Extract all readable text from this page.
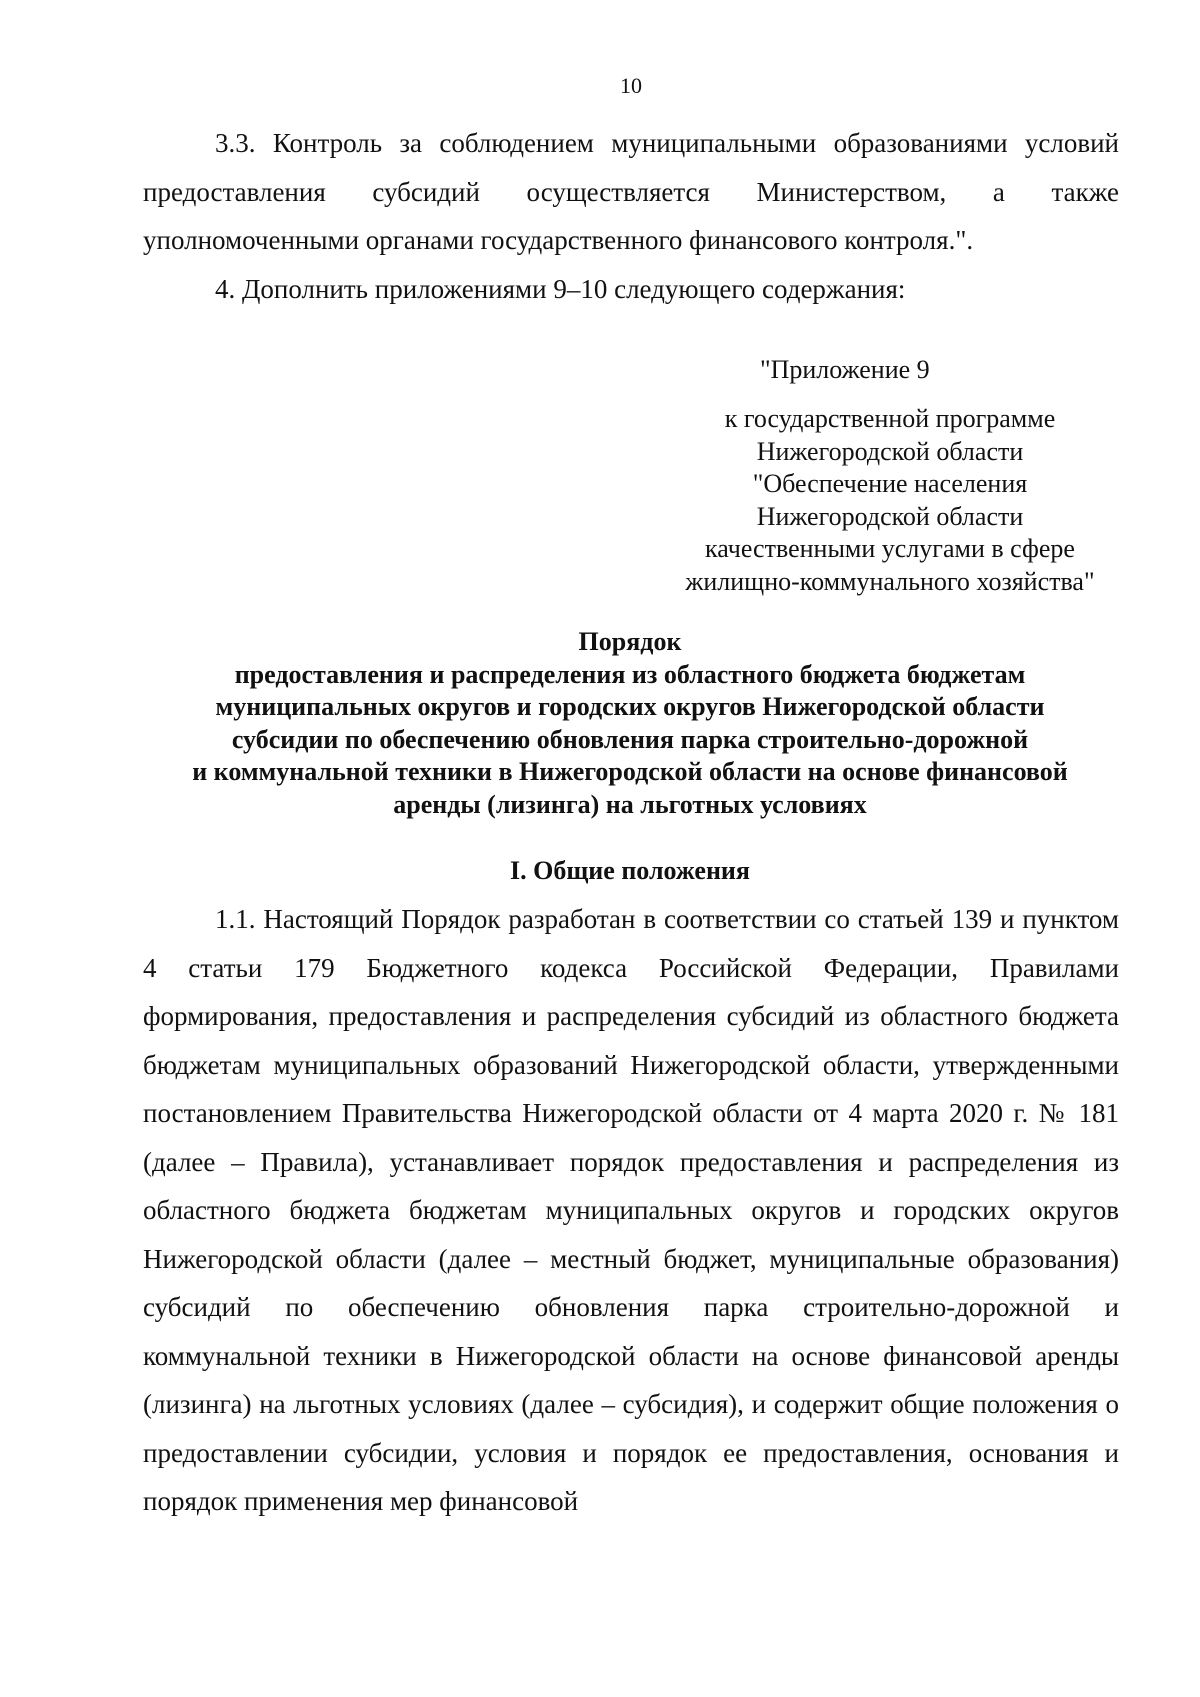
10

3.3. Контроль за соблюдением муниципальными образованиями условий предоставления субсидий осуществляется Министерством, а также уполномоченными органами государственного финансового контроля.".

4. Дополнить приложениями 9–10 следующего содержания:

"Приложение 9
к государственной программе
Нижегородской области
"Обеспечение населения
Нижегородской области
качественными услугами в сфере
жилищно-коммунального хозяйства"
Порядок
предоставления и распределения из областного бюджета бюджетам
муниципальных округов и городских округов Нижегородской области
субсидии по обеспечению обновления парка строительно-дорожной
и коммунальной техники в Нижегородской области на основе финансовой
аренды (лизинга) на льготных условиях
I. Общие положения

1.1. Настоящий Порядок разработан в соответствии со статьей 139 и пунктом 4 статьи 179 Бюджетного кодекса Российской Федерации, Правилами формирования, предоставления и распределения субсидий из областного бюджета бюджетам муниципальных образований Нижегородской области, утвержденными постановлением Правительства Нижегородской области от 4 марта 2020 г. № 181 (далее – Правила), устанавливает порядок предоставления и распределения из областного бюджета бюджетам муниципальных округов и городских округов Нижегородской области (далее – местный бюджет, муниципальные образования) субсидий по обеспечению обновления парка строительно-дорожной и коммунальной техники в Нижегородской области на основе финансовой аренды (лизинга) на льготных условиях (далее – субсидия), и содержит общие положения о предоставлении субсидии, условия и порядок ее предоставления, основания и порядок применения мер финансовой
